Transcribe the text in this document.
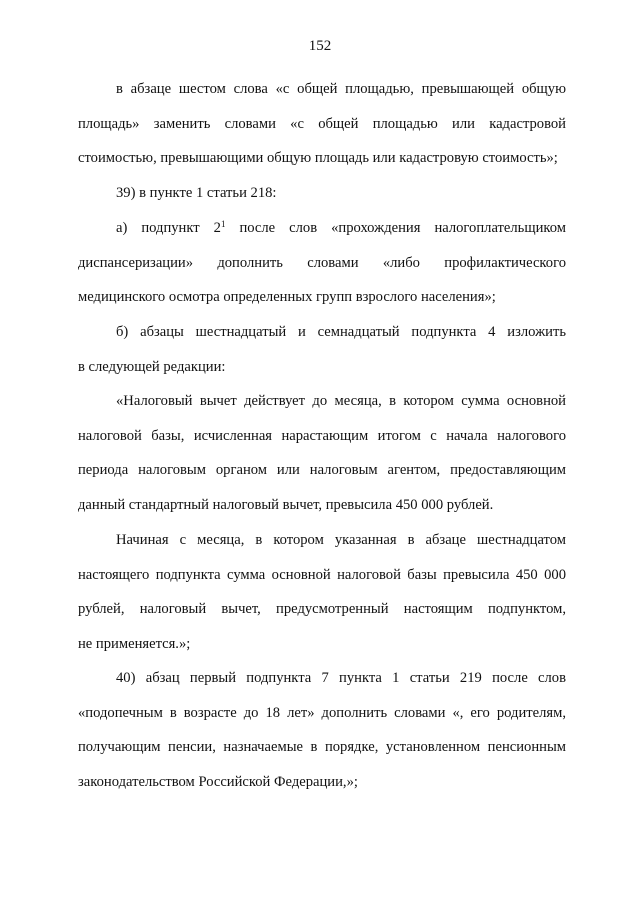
152
в абзаце шестом слова «с общей площадью, превышающей общую
площадь» заменить словами «с общей площадью или кадастровой
стоимостью, превышающими общую площадь или кадастровую стоимость»;
39) в пункте 1 статьи 218:
а) подпункт $2^1$ после слов «прохождения налогоплательщиком
диспансеризации» дополнить словами «либо профилактического
медицинского осмотра определенных групп взрослого населения»;
б) абзацы шестнадцатый и семнадцатый подпункта 4 изложить
в следующей редакции:
«Налоговый вычет действует до месяца, в котором сумма основной
налоговой базы, исчисленная нарастающим итогом с начала налогового
периода налоговым органом или налоговым агентом, предоставляющим
данный стандартный налоговый вычет, превысила 450 000 рублей.
Начиная с месяца, в котором указанная в абзаце шестнадцатом
настоящего подпункта сумма основной налоговой базы превысила 450 000
рублей, налоговый вычет, предусмотренный настоящим подпунктом,
не применяется.»;
40) абзац первый подпункта 7 пункта 1 статьи 219 после слов
«подопечным в возрасте до 18 лет» дополнить словами «, его родителям,
получающим пенсии, назначаемые в порядке, установленном пенсионным
законодательством Российской Федерации,»;
